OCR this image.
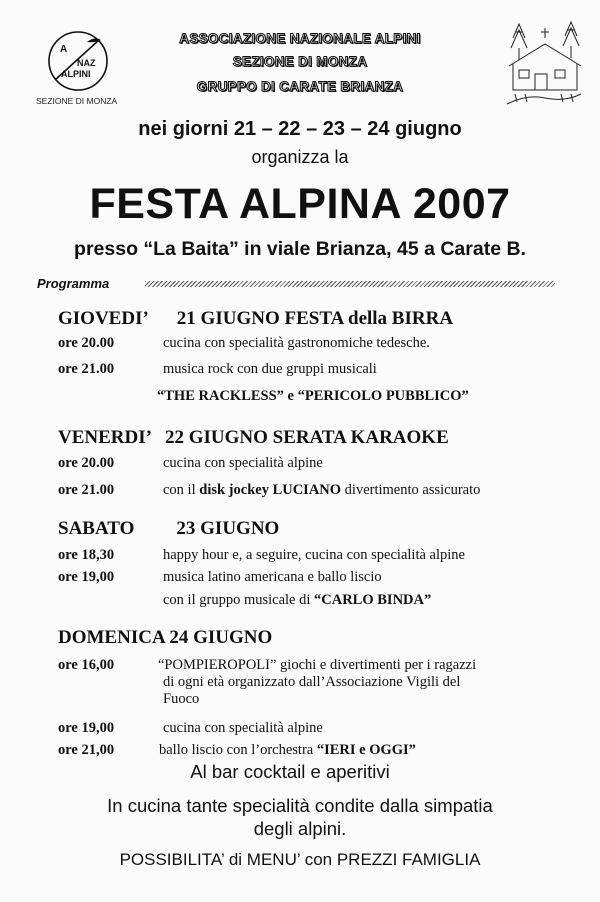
A
NAZ
ALPINI
SEZIONE DI MONZA
ASSOCIAZIONE NAZIONALE ALPINI
SEZIONE DI MONZA
GRUPPO DI CARATE BRIANZA
nei giorni 21 – 22 – 23 – 24 giugno
organizza la
FESTA ALPINA 2007
presso “La Baita” in viale Brianza, 45 a Carate B.
Programma
GIOVEDI’ 21 GIUGNO FESTA della BIRRA
ore 20.00	cucina con specialità gastronomiche tedesche.
ore 21.00	musica rock con due gruppi musicali
“THE RACKLESS” e “PERICOLO PUBBLICO”
VENERDI’ 22 GIUGNO SERATA KARAOKE
ore 20.00	cucina con specialità alpine
ore 21.00	con il disk jockey LUCIANO divertimento assicurato
SABATO 23 GIUGNO
ore 18,30	happy hour e, a seguire, cucina con specialità alpine
ore 19,00	musica latino americana e ballo liscio
con il gruppo musicale di “CARLO BINDA”
DOMENICA 24 GIUGNO
ore 16,00	“POMPIEROPOLI” giochi e divertimenti per i ragazzi
di ogni età organizzato dall’Associazione Vigili del
Fuoco
ore 19,00	cucina con specialità alpine
ore 21,00	ballo liscio con l’orchestra “IERI e OGGI”
Al bar cocktail e aperitivi
In cucina tante specialità condite dalla simpatia
degli alpini.
POSSIBILITA’ di MENU’ con PREZZI FAMIGLIA
